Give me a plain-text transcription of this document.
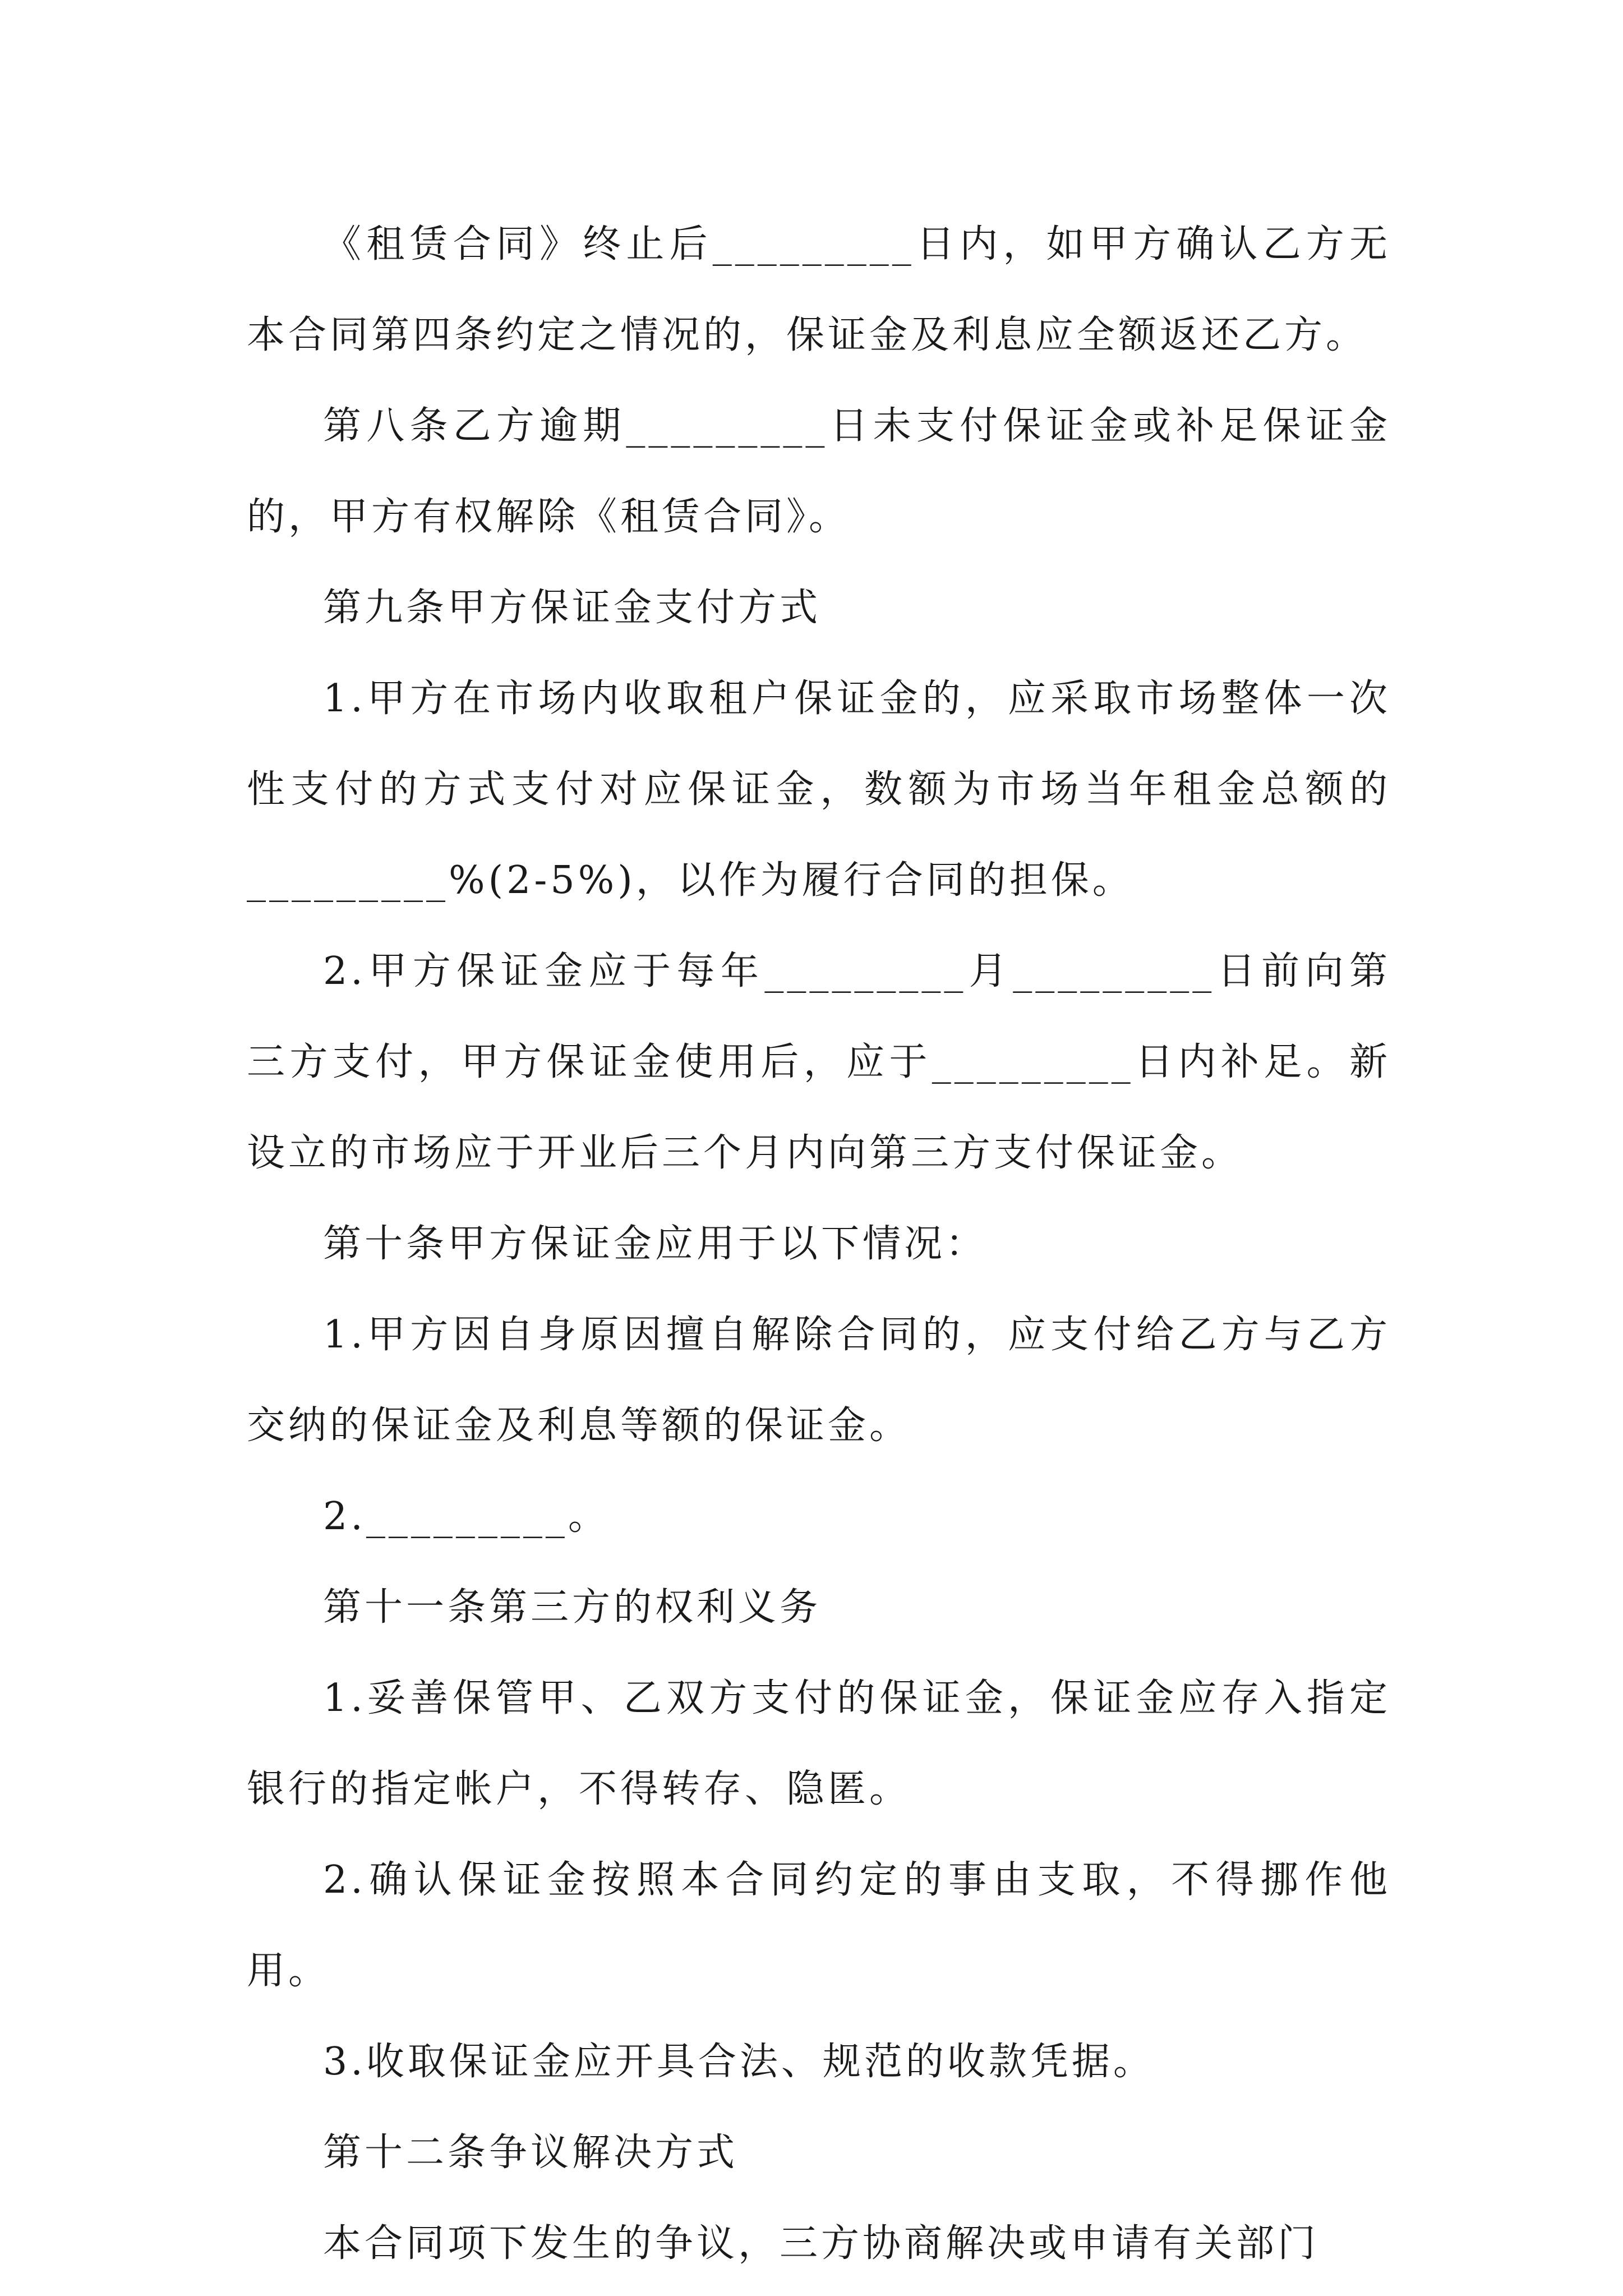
《租赁合同》终止后_________日内，如甲方确认乙方无本合同第四条约定之情况的，保证金及利息应全额返还乙方。

第八条乙方逾期_________日未支付保证金或补足保证金的，甲方有权解除《租赁合同》。

第九条甲方保证金支付方式

1.甲方在市场内收取租户保证金的，应采取市场整体一次性支付的方式支付对应保证金，数额为市场当年租金总额的_________%(2-5%)，以作为履行合同的担保。

2.甲方保证金应于每年_________月_________日前向第三方支付，甲方保证金使用后，应于_________日内补足。新设立的市场应于开业后三个月内向第三方支付保证金。

第十条甲方保证金应用于以下情况：

1.甲方因自身原因擅自解除合同的，应支付给乙方与乙方交纳的保证金及利息等额的保证金。

2._________。

第十一条第三方的权利义务

1.妥善保管甲、乙双方支付的保证金，保证金应存入指定银行的指定帐户，不得转存、隐匿。

2.确认保证金按照本合同约定的事由支取，不得挪作他用。

3.收取保证金应开具合法、规范的收款凭据。

第十二条争议解决方式

本合同项下发生的争议，三方协商解决或申请有关部门
